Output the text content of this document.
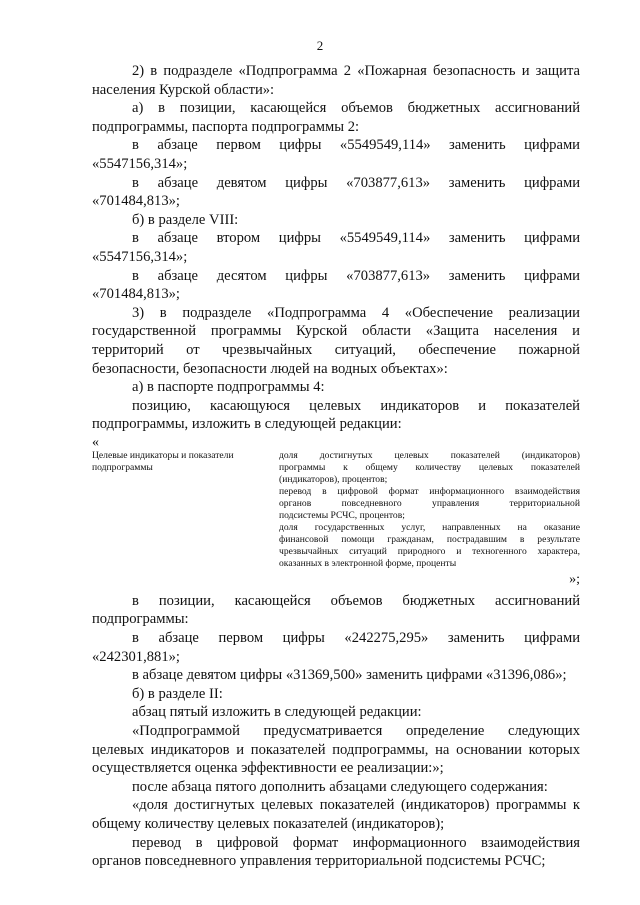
2
2) в подразделе «Подпрограмма 2 «Пожарная безопасность и защита
населения Курской области»:
а) в позиции, касающейся объемов бюджетных ассигнований
подпрограммы, паспорта подпрограммы 2:
в абзаце первом цифры «5549549,114» заменить цифрами
«5547156,314»;
в абзаце девятом цифры «703877,613» заменить цифрами
«701484,813»;
б) в разделе VIII:
в абзаце втором цифры «5549549,114» заменить цифрами
«5547156,314»;
в абзаце десятом цифры «703877,613» заменить цифрами
«701484,813»;
3) в подразделе «Подпрограмма 4 «Обеспечение реализации
государственной программы Курской области «Защита населения и
территорий от чрезвычайных ситуаций, обеспечение пожарной
безопасности, безопасности людей на водных объектах»:
а) в паспорте подпрограммы 4:
позицию, касающуюся целевых индикаторов и показателей
подпрограммы, изложить в следующей редакции:
«
Целевые индикаторы и показатели подпрограммы
доля достигнутых целевых показателей (индикаторов)
программы к общему количеству целевых показателей
(индикаторов), процентов;
перевод в цифровой формат информационного взаимодействия
органов повседневного управления территориальной
подсистемы РСЧС, процентов;
доля государственных услуг, направленных на оказание
финансовой помощи гражданам, пострадавшим в результате
чрезвычайных ситуаций природного и техногенного характера,
оказанных в электронной форме, проценты
»;
в позиции, касающейся объемов бюджетных ассигнований
подпрограммы:
в абзаце первом цифры «242275,295» заменить цифрами
«242301,881»;
в абзаце девятом цифры «31369,500» заменить цифрами «31396,086»;
б) в разделе II:
абзац пятый изложить в следующей редакции:
«Подпрограммой предусматривается определение следующих
целевых индикаторов и показателей подпрограммы, на основании которых
осуществляется оценка эффективности ее реализации:»;
после абзаца пятого дополнить абзацами следующего содержания:
«доля достигнутых целевых показателей (индикаторов) программы к
общему количеству целевых показателей (индикаторов);
перевод в цифровой формат информационного взаимодействия
органов повседневного управления территориальной подсистемы РСЧС;
